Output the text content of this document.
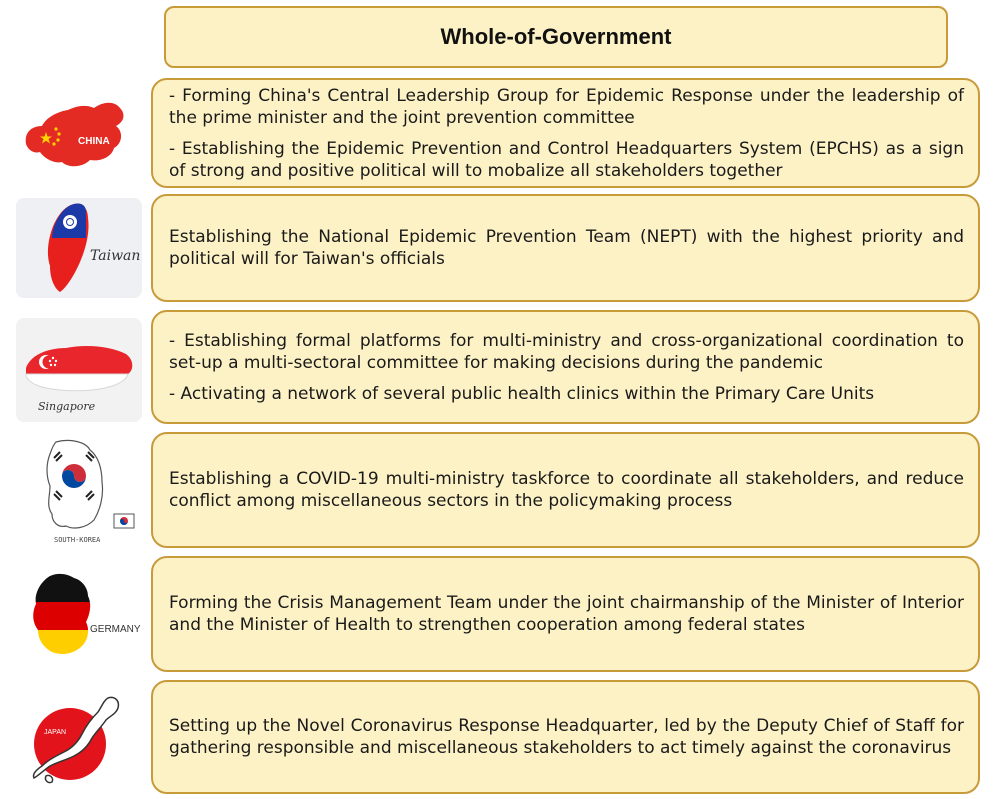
Whole-of-Government
CHINA

- Forming China's Central Leadership Group for Epidemic Response under the leadership of the prime minister and the joint prevention committee

- Establishing the Epidemic Prevention and Control Headquarters System (EPCHS) as a sign of strong and positive political will to mobalize all stakeholders together

Taiwan

Establishing the National Epidemic Prevention Team (NEPT) with the highest priority and political will for Taiwan's officials

Singapore

- Establishing formal platforms for multi-ministry and cross-organizational coordination to set-up a multi-sectoral committee for making decisions during the pandemic

- Activating a network of several public health clinics within the Primary Care Units

SOUTH-KOREA

Establishing a COVID-19 multi-ministry taskforce to coordinate all stakeholders, and reduce conflict among miscellaneous sectors in the policymaking process

GERMANY

Forming the Crisis Management Team under the joint chairmanship of the Minister of Interior and the Minister of Health to strengthen cooperation among federal states

JAPAN	Setting up the Novel Coronavirus Response Headquarter, led by the Deputy Chief of Staff for gathering responsible and miscellaneous stakeholders to act timely against the coronavirus
